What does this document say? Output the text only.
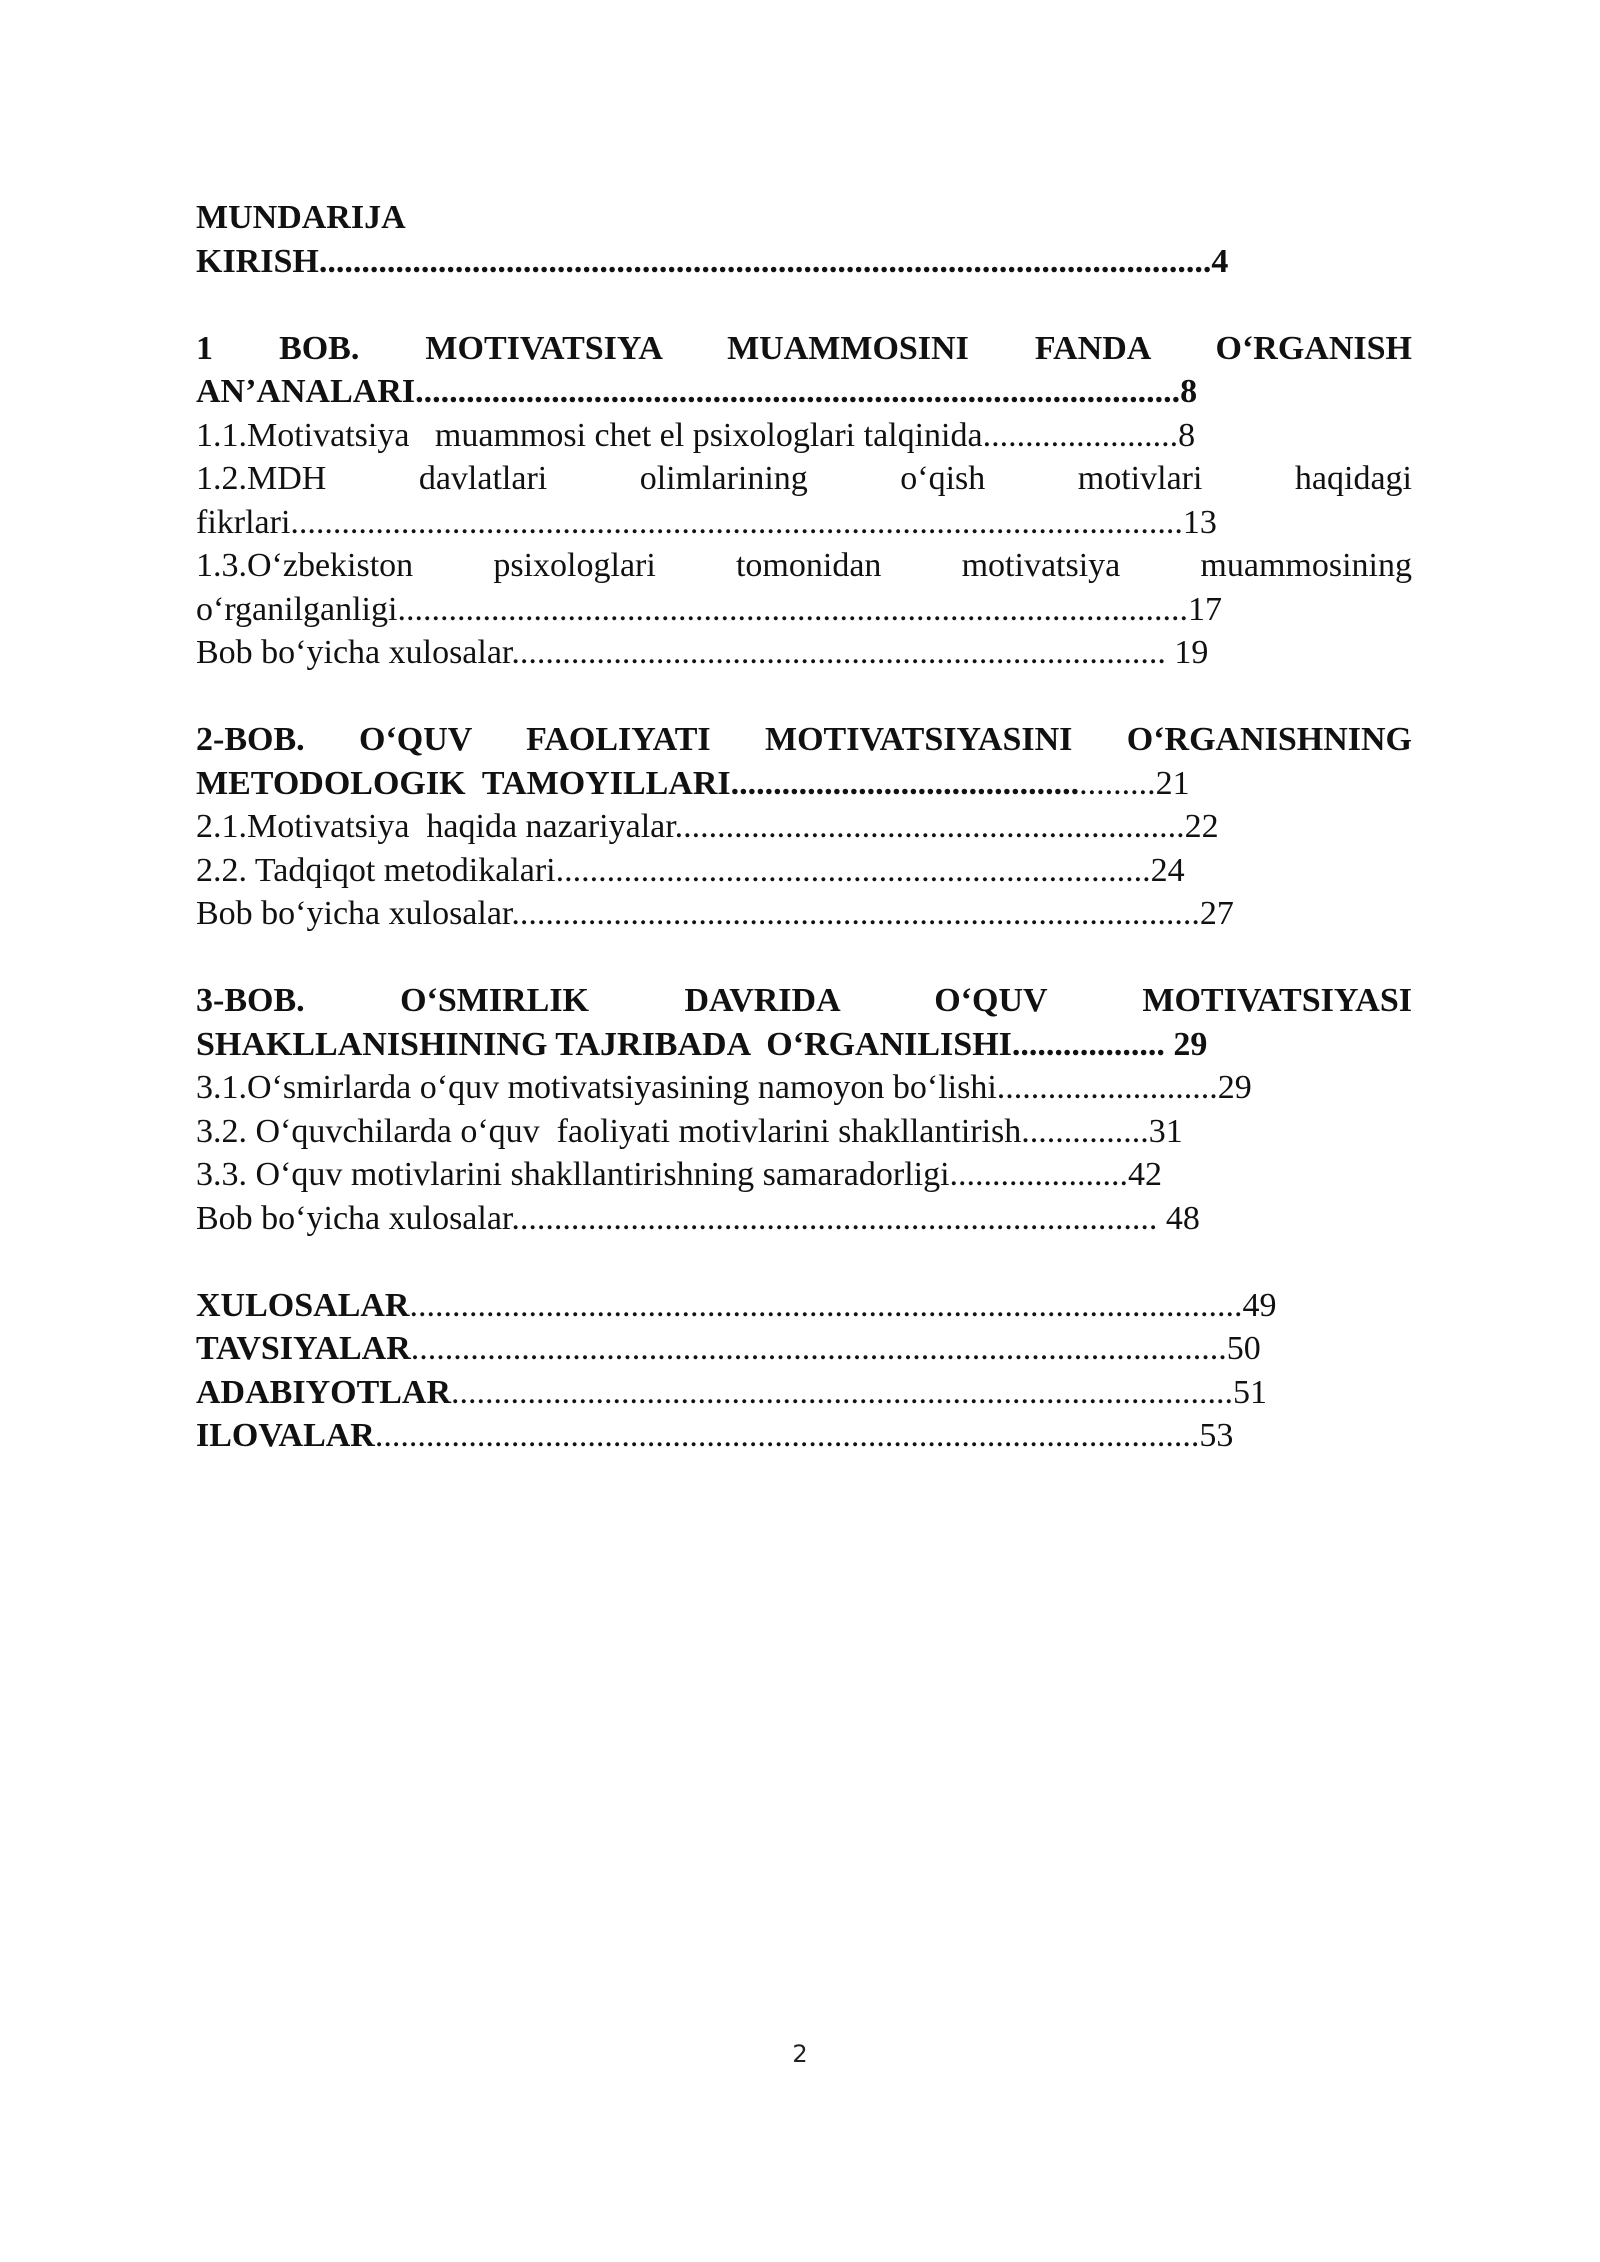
MUNDARIJA
KIRISH.........................................................................................................4
1 BOB. MOTIVATSIYA MUAMMOSINI FANDA O‘RGANISH
AN’ANALARI..........................................................................................8
1.1.Motivatsiya   muammosi chet el psixologlari talqinida.......................8
1.2.MDH davlatlari olimlarining o‘qish motivlari haqidagi
fikrlari.........................................................................................................13
1.3.O‘zbekiston psixologlari tomonidan motivatsiya muammosining
o‘rganilganligi.............................................................................................17
Bob bo‘yicha xulosalar............................................................................. 19
2-BOB. O‘QUV FAOLIYATI MOTIVATSIYASINI O‘RGANISHNING
METODOLOGIK  TAMOYILLARI..................................................21
2.1.Motivatsiya  haqida nazariyalar............................................................22
2.2. Tadqiqot metodikalari......................................................................24
Bob bo‘yicha xulosalar.................................................................................27
3-BOB. O‘SMIRLIK DAVRIDA O‘QUV MOTIVATSIYASI
SHAKLLANISHINING TAJRIBADA  O‘RGANILISHI.................. 29
3.1.O‘smirlarda o‘quv motivatsiyasining namoyon bo‘lishi..........................29
3.2. O‘quvchilarda o‘quv  faoliyati motivlarini shakllantirish...............31
3.3. O‘quv motivlarini shakllantirishning samaradorligi.....................42
Bob bo‘yicha xulosalar............................................................................ 48
XULOSALAR..................................................................................................49
TAVSIYALAR................................................................................................50
ADABIYOTLAR............................................................................................51
ILOVALAR.................................................................................................53
2
